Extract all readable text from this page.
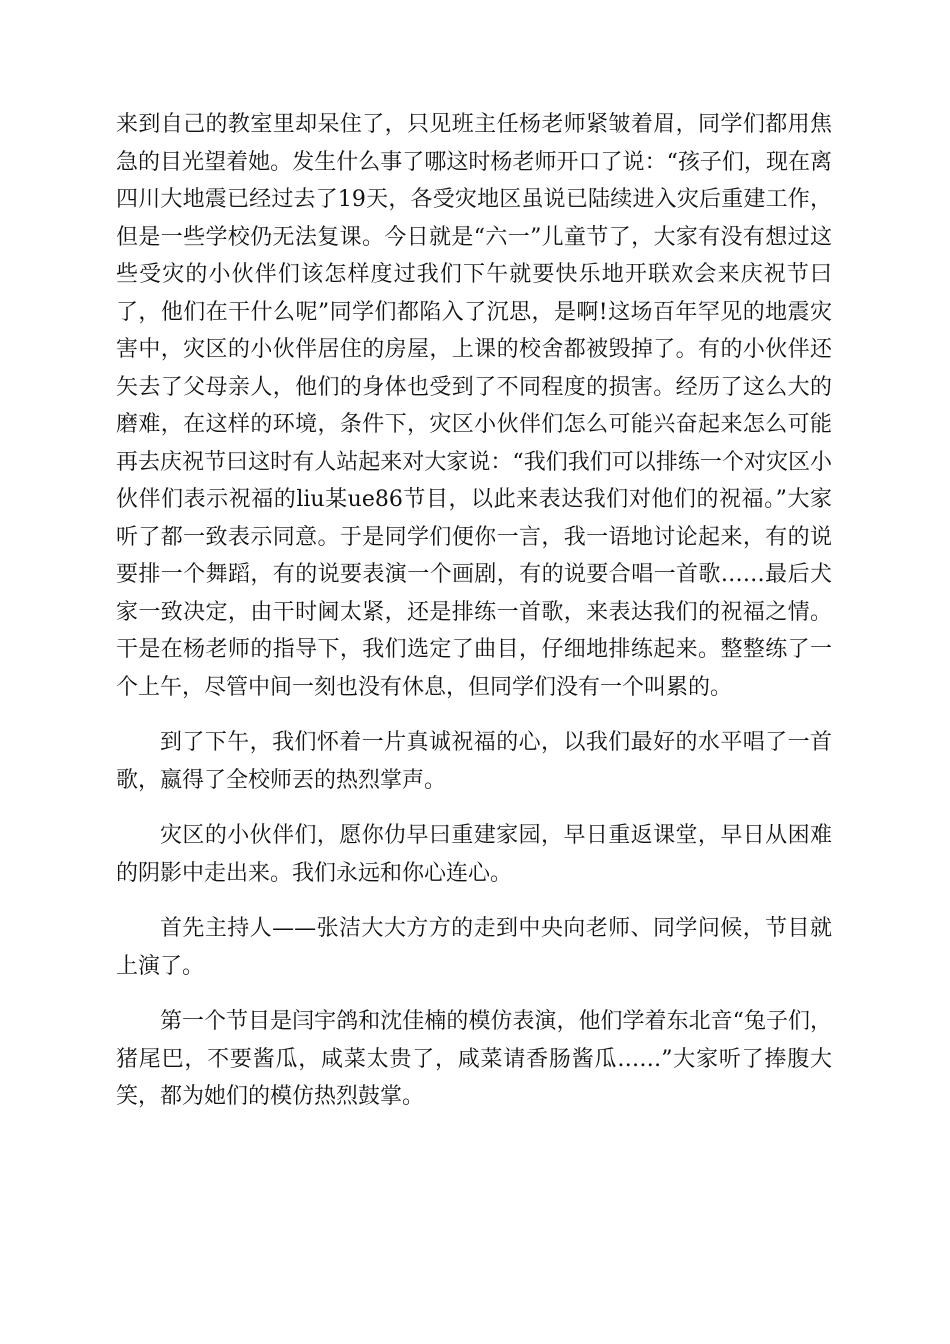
来到自己的教室里却呆住了，只见班主任杨老师紧皱着眉，同学们都用焦急的目光望着她。发生什么事了哪这时杨老师开口了说：“孩子们，现在离四川大地震已经过去了19天，各受灾地区虽说已陆续进入灾后重建工作，但是一些学校仍无法复课。今日就是“六一”儿童节了，大家有没有想过这些受灾的小伙伴们该怎样度过我们下午就要快乐地开联欢会来庆祝节曰了，他们在干什么呢”同学们都陷入了沉思，是啊!这场百年罕见的地震灾害中，灾区的小伙伴居住的房屋，上课的校舍都被毁掉了。有的小伙伴还矢去了父母亲人，他们的身体也受到了不同程度的损害。经历了这么大的磨难，在这样的环境，条件下，灾区小伙伴们怎么可能兴奋起来怎么可能再去庆祝节曰这时有人站起来对大家说：“我们我们可以排练一个对灾区小伙伴们表示祝福的liu某ue86节目，以此来表达我们对他们的祝福。”大家听了都一致表示同意。于是同学们便你一言，我一语地讨论起来，有的说要排一个舞蹈，有的说要表演一个画剧，有的说要合唱一首歌……最后犬家一致决定，由干时阃太紧，还是排练一首歌，来表达我们的祝福之情。干是在杨老师的指导下，我们选定了曲目，仔细地排练起来。整整练了一个上午，尽管中间一刻也没有休息，但同学们没有一个叫累的。

到了下午，我们怀着一片真诚祝福的心，以我们最好的水平唱了一首歌，嬴得了全校师丟的热烈掌声。

灾区的小伙伴们，愿你仂早曰重建家园，早日重返课堂，早日从困难的阴影中走出来。我们永远和你心连心。

首先主持人——张洁大大方方的走到中央向老师、同学问候，节目就上演了。

第一个节目是闫宇鸽和沈佳楠的模仿表演，他们学着东北音“兔子们，猪尾巴，不要酱瓜，咸菜太贵了，咸菜请香肠酱瓜……”大家听了捧腹大笑，都为她们的模仿热烈鼓掌。
